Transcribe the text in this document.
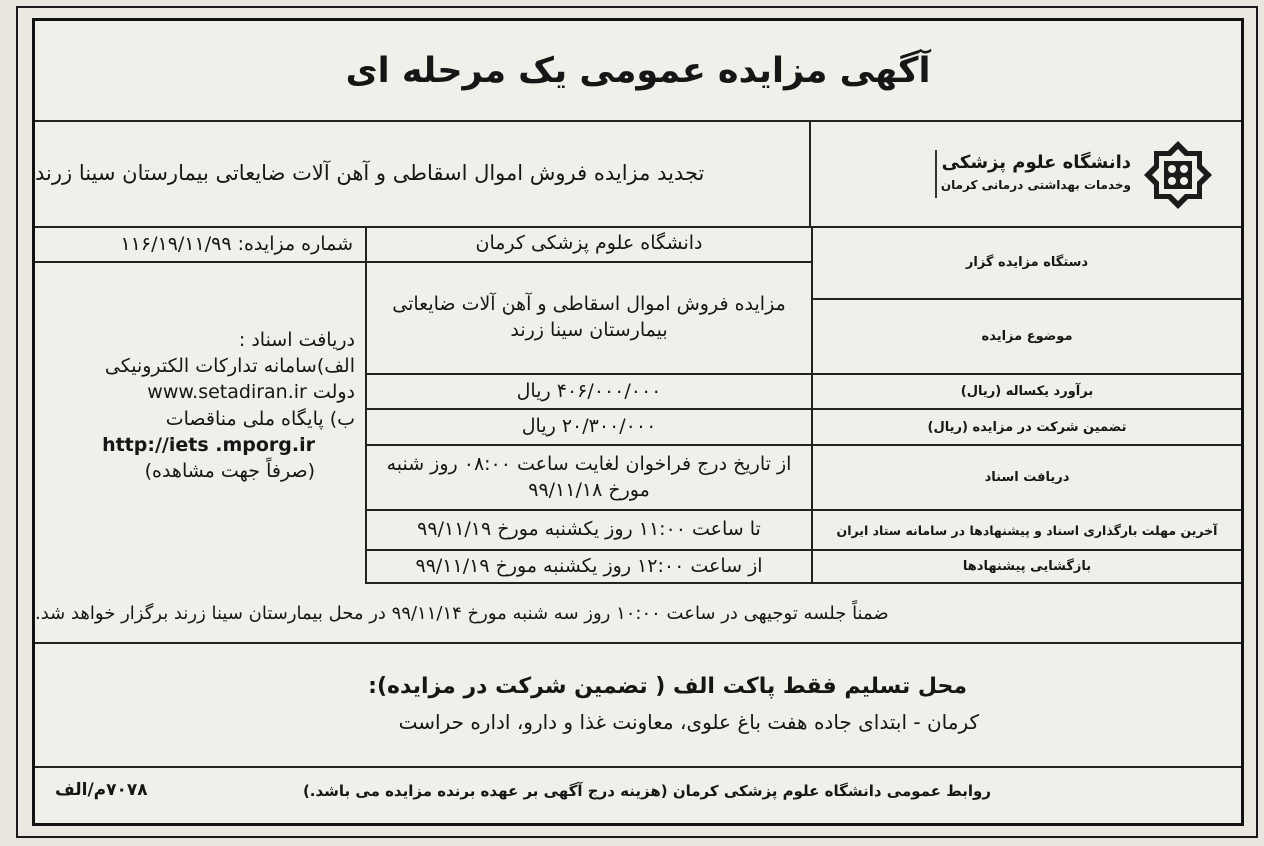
آگهی مزایده عمومی یک مرحله ای
دانشگاه علوم پزشکی
وخدمات بهداشتی درمانی کرمان
تجدید مزایده فروش اموال اسقاطی و آهن آلات ضایعاتی بیمارستان سینا زرند
دستگاه مزایده گزار
موضوع مزایده
برآورد یکساله (ریال)
تضمین شرکت در مزایده (ریال)
دریافت اسناد
آخرین مهلت بارگذاری اسناد و پیشنهادها در سامانه ستاد ایران
بازگشایی پیشنهادها
دانشگاه علوم پزشکی کرمان
مزایده فروش اموال اسقاطی و آهن آلات ضایعاتی بیمارستان سینا زرند
۴۰۶/۰۰۰/۰۰۰ ریال
۲۰/۳۰۰/۰۰۰ ریال
از تاریخ درج فراخوان لغایت ساعت ۰۸:۰۰ روز شنبه مورخ ۹۹/۱۱/۱۸
تا ساعت ۱۱:۰۰ روز یکشنبه مورخ ۹۹/۱۱/۱۹
از ساعت ۱۲:۰۰ روز یکشنبه مورخ ۹۹/۱۱/۱۹
شماره مزایده: ۱۱۶/۱۹/۱۱/۹۹
دریافت اسناد :
الف)سامانه تدارکات الکترونیکی
دولت www.setadiran.ir
ب) پایگاه ملی مناقصات
http://iets .mporg.ir
(صرفاً جهت مشاهده)
ضمناً جلسه توجیهی در ساعت ۱۰:۰۰ روز سه شنبه مورخ ۹۹/۱۱/۱۴ در محل بیمارستان سینا زرند برگزار خواهد شد.
محل تسلیم فقط پاکت الف ( تضمین شرکت در مزایده):
کرمان - ابتدای جاده هفت باغ علوی، معاونت غذا و دارو، اداره حراست
روابط عمومی دانشگاه علوم پزشکی کرمان (هزینه درج آگهی بر عهده برنده مزایده می باشد.)
۷۰۷۸م/الف
